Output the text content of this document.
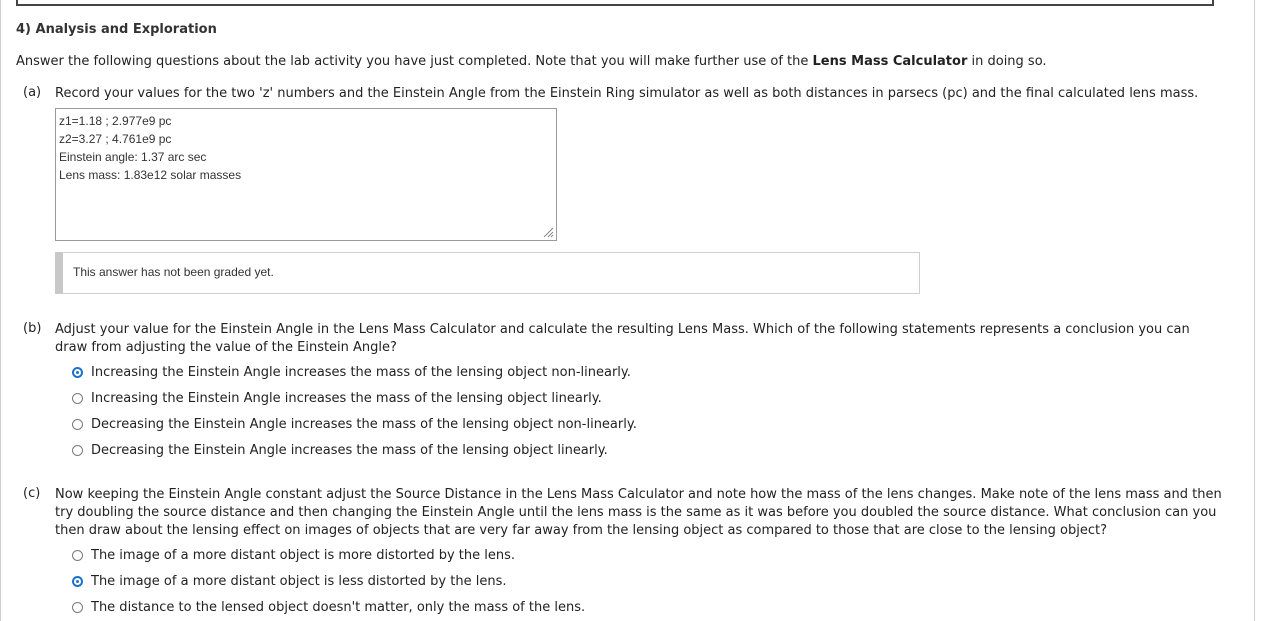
4) Analysis and Exploration
Answer the following questions about the lab activity you have just completed. Note that you will make further use of the Lens Mass Calculator in doing so.
(a) Record your values for the two 'z' numbers and the Einstein Angle from the Einstein Ring simulator as well as both distances in parsecs (pc) and the final calculated lens mass.
z1=1.18 ; 2.977e9 pc
z2=3.27 ; 4.761e9 pc
Einstein angle: 1.37 arc sec
Lens mass: 1.83e12 solar masses
This answer has not been graded yet.
(b) Adjust your value for the Einstein Angle in the Lens Mass Calculator and calculate the resulting Lens Mass. Which of the following statements represents a conclusion you can draw from adjusting the value of the Einstein Angle?
Increasing the Einstein Angle increases the mass of the lensing object non-linearly.
Increasing the Einstein Angle increases the mass of the lensing object linearly.
Decreasing the Einstein Angle increases the mass of the lensing object non-linearly.
Decreasing the Einstein Angle increases the mass of the lensing object linearly.
(c) Now keeping the Einstein Angle constant adjust the Source Distance in the Lens Mass Calculator and note how the mass of the lens changes. Make note of the lens mass and then try doubling the source distance and then changing the Einstein Angle until the lens mass is the same as it was before you doubled the source distance. What conclusion can you then draw about the lensing effect on images of objects that are very far away from the lensing object as compared to those that are close to the lensing object?
The image of a more distant object is more distorted by the lens.
The image of a more distant object is less distorted by the lens.
The distance to the lensed object doesn't matter, only the mass of the lens.
